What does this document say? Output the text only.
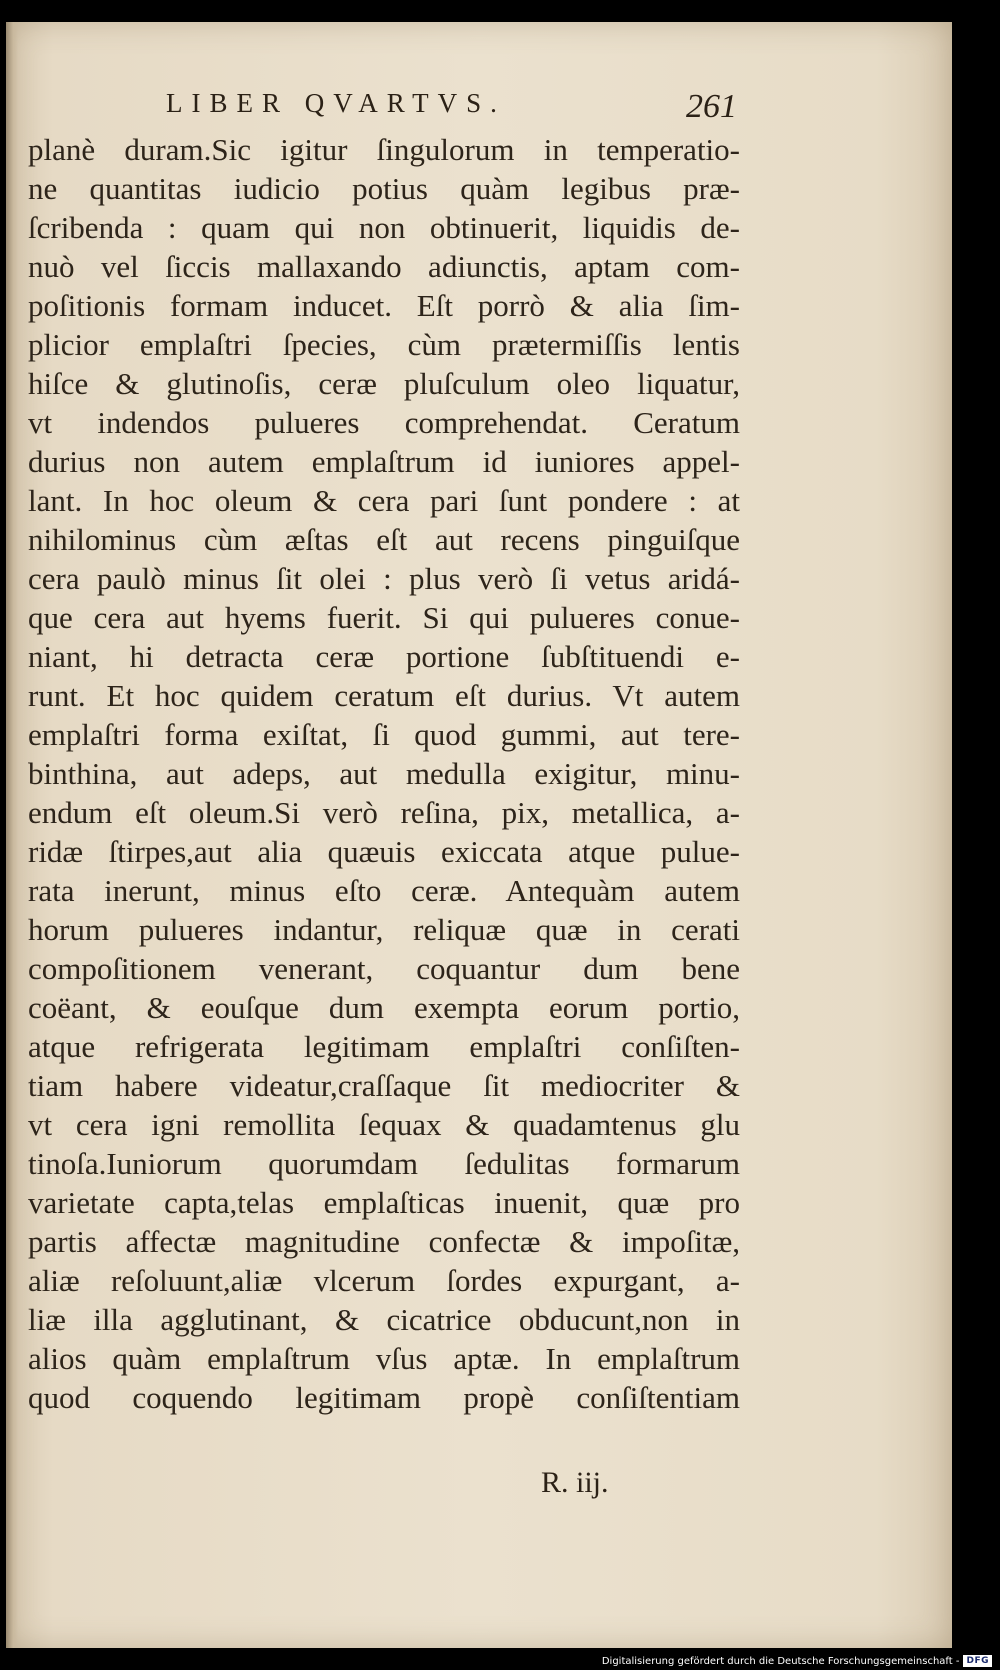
LIBER QVARTVS.	261
planè duram.Sic igitur ſingulorum in temperatio-
ne quantitas iudicio potius quàm legibus præ-
ſcribenda : quam qui non obtinuerit, liquidis de-
nuò vel ſiccis mallaxando adiunctis, aptam com-
poſitionis formam inducet. Eſt porrò & alia ſim-
plicior emplaſtri ſpecies, cùm prætermiſſis lentis
hiſce & glutinoſis, ceræ pluſculum oleo liquatur,
vt indendos pulueres comprehendat. Ceratum
durius non autem emplaſtrum id iuniores appel-
lant. In hoc oleum & cera pari ſunt pondere : at
nihilominus cùm æſtas eſt aut recens pinguiſque
cera paulò minus ſit olei : plus verò ſi vetus aridá-
que cera aut hyems fuerit. Si qui pulueres conue-
niant, hi detracta ceræ portione ſubſtituendi e-
runt. Et hoc quidem ceratum eſt durius. Vt autem
emplaſtri forma exiſtat, ſi quod gummi, aut tere-
binthina, aut adeps, aut medulla exigitur, minu-
endum eſt oleum.Si verò reſina, pix, metallica, a-
ridæ ſtirpes,aut alia quæuis exiccata atque pulue-
rata inerunt, minus eſto ceræ. Antequàm autem
horum pulueres indantur, reliquæ quæ in cerati
compoſitionem venerant, coquantur dum bene
coëant, & eouſque dum exempta eorum portio,
atque refrigerata legitimam emplaſtri conſiſten-
tiam habere videatur,craſſaque ſit mediocriter &
vt cera igni remollita ſequax & quadamtenus glu
tinoſa.Iuniorum quorumdam ſedulitas formarum
varietate capta,telas emplaſticas inuenit, quæ pro
partis affectæ magnitudine confectæ & impoſitæ,
aliæ reſoluunt,aliæ vlcerum ſordes expurgant, a-
liæ illa agglutinant, & cicatrice obducunt,non in
alios quàm emplaſtrum vſus aptæ. In emplaſtrum
quod coquendo legitimam propè conſiſtentiam
R. iij.
Digitalisierung gefördert durch die Deutsche Forschungsgemeinschaft - DFG
